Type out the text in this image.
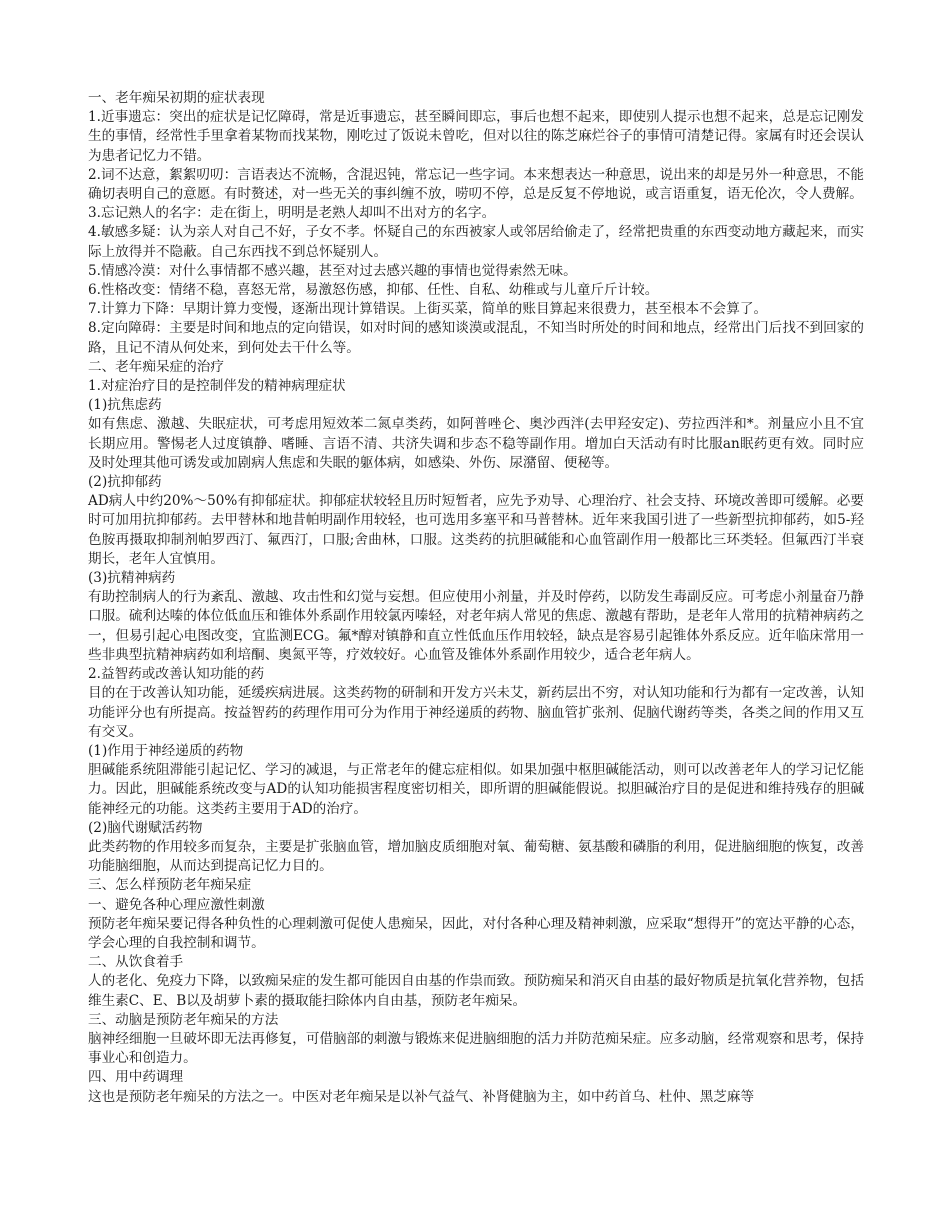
一、老年痴呆初期的症状表现

1.近事遗忘：突出的症状是记忆障碍，常是近事遗忘，甚至瞬间即忘，事后也想不起来，即使别人提示也想不起来，总是忘记刚发生的事情，经常性手里拿着某物而找某物，刚吃过了饭说未曾吃，但对以往的陈芝麻烂谷子的事情可清楚记得。家属有时还会误认为患者记忆力不错。

2.词不达意，絮絮叨叨：言语表达不流畅，含混迟钝，常忘记一些字词。本来想表达一种意思，说出来的却是另外一种意思，不能确切表明自己的意愿。有时赘述，对一些无关的事纠缠不放，唠叨不停，总是反复不停地说，或言语重复，语无伦次，令人费解。

3.忘记熟人的名字：走在街上，明明是老熟人却叫不出对方的名字。

4.敏感多疑：认为亲人对自己不好，子女不孝。怀疑自己的东西被家人或邻居给偷走了，经常把贵重的东西变动地方藏起来，而实际上放得并不隐蔽。自己东西找不到总怀疑别人。

5.情感冷漠：对什么事情都不感兴趣，甚至对过去感兴趣的事情也觉得索然无味。

6.性格改变：情绪不稳，喜怒无常，易激怒伤感，抑郁、任性、自私、幼稚或与儿童斤斤计较。

7.计算力下降：早期计算力变慢，逐渐出现计算错误。上街买菜，简单的账目算起来很费力，甚至根本不会算了。

8.定向障碍：主要是时间和地点的定向错误，如对时间的感知谈漠或混乱，不知当时所处的时间和地点，经常出门后找不到回家的路，且记不清从何处来，到何处去干什么等。

二、老年痴呆症的治疗

1.对症治疗目的是控制伴发的精神病理症状

(1)抗焦虑药

如有焦虑、激越、失眠症状，可考虑用短效苯二氮卓类药，如阿普唑仑、奥沙西泮(去甲羟安定)、劳拉西泮和*。剂量应小且不宜长期应用。警惕老人过度镇静、嗜睡、言语不清、共济失调和步态不稳等副作用。增加白天活动有时比服an眠药更有效。同时应及时处理其他可诱发或加剧病人焦虑和失眠的躯体病，如感染、外伤、尿潴留、便秘等。

(2)抗抑郁药

AD病人中约20%～50%有抑郁症状。抑郁症状较轻且历时短暂者，应先予劝导、心理治疗、社会支持、环境改善即可缓解。必要时可加用抗抑郁药。去甲替林和地昔帕明副作用较轻，也可选用多塞平和马普替林。近年来我国引进了一些新型抗抑郁药，如5-羟色胺再摄取抑制剂帕罗西汀、氟西汀，口服;舍曲林，口服。这类药的抗胆碱能和心血管副作用一般都比三环类轻。但氟西汀半衰期长，老年人宜慎用。

(3)抗精神病药

有助控制病人的行为紊乱、激越、攻击性和幻觉与妄想。但应使用小剂量，并及时停药，以防发生毒副反应。可考虑小剂量奋乃静口服。硫利达嗪的体位低血压和锥体外系副作用较氯丙嗪轻，对老年病人常见的焦虑、激越有帮助，是老年人常用的抗精神病药之一，但易引起心电图改变，宜监测ECG。氟*醇对镇静和直立性低血压作用较轻，缺点是容易引起锥体外系反应。近年临床常用一些非典型抗精神病药如利培酮、奥氮平等，疗效较好。心血管及锥体外系副作用较少，适合老年病人。

2.益智药或改善认知功能的药

目的在于改善认知功能，延缓疾病进展。这类药物的研制和开发方兴未艾，新药层出不穷，对认知功能和行为都有一定改善，认知功能评分也有所提高。按益智药的药理作用可分为作用于神经递质的药物、脑血管扩张剂、促脑代谢药等类，各类之间的作用又互有交叉。

(1)作用于神经递质的药物

胆碱能系统阻滞能引起记忆、学习的减退，与正常老年的健忘症相似。如果加强中枢胆碱能活动，则可以改善老年人的学习记忆能力。因此，胆碱能系统改变与AD的认知功能损害程度密切相关，即所谓的胆碱能假说。拟胆碱治疗目的是促进和维持残存的胆碱能神经元的功能。这类药主要用于AD的治疗。

(2)脑代谢赋活药物

此类药物的作用较多而复杂，主要是扩张脑血管，增加脑皮质细胞对氧、葡萄糖、氨基酸和磷脂的利用，促进脑细胞的恢复，改善功能脑细胞，从而达到提高记忆力目的。

三、怎么样预防老年痴呆症

一、避免各种心理应激性刺激

预防老年痴呆要记得各种负性的心理刺激可促使人患痴呆，因此，对付各种心理及精神刺激，应采取“想得开”的宽达平静的心态，学会心理的自我控制和调节。

二、从饮食着手

人的老化、免疫力下降，以致痴呆症的发生都可能因自由基的作祟而致。预防痴呆和消灭自由基的最好物质是抗氧化营养物，包括维生素C、E、B以及胡萝卜素的摄取能扫除体内自由基，预防老年痴呆。

三、动脑是预防老年痴呆的方法

脑神经细胞一旦破坏即无法再修复，可借脑部的刺激与锻炼来促进脑细胞的活力并防范痴呆症。应多动脑，经常观察和思考，保持事业心和创造力。

四、用中药调理

这也是预防老年痴呆的方法之一。中医对老年痴呆是以补气益气、补肾健脑为主，如中药首乌、杜仲、黑芝麻等
